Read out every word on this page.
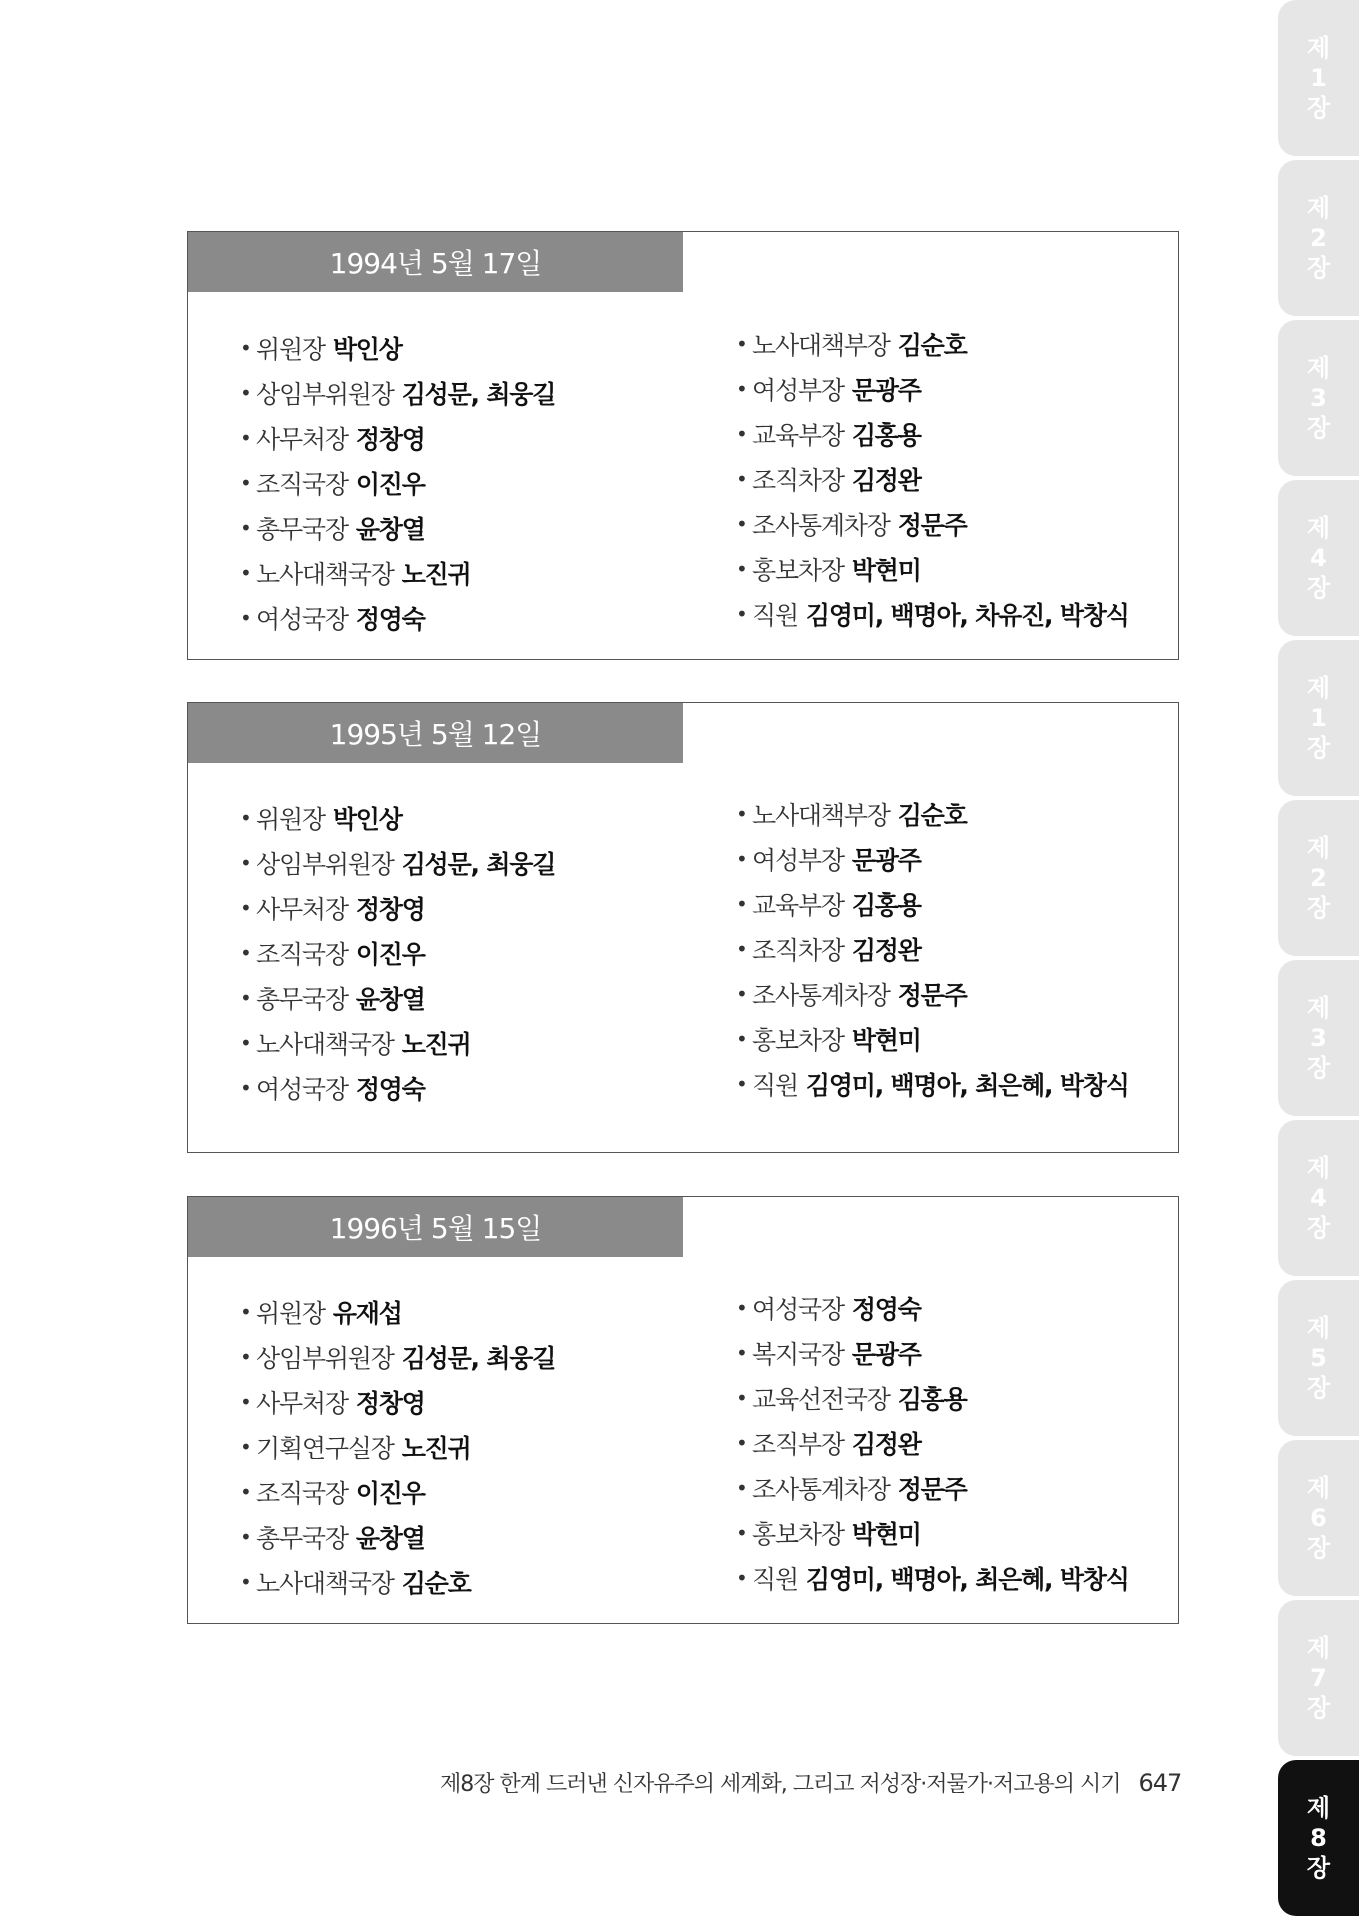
1994년 5월 17일
• 위원장 박인상
• 상임부위원장 김성문, 최웅길
• 사무처장 정창영
• 조직국장 이진우
• 총무국장 윤창열
• 노사대책국장 노진귀
• 여성국장 정영숙
• 노사대책부장 김순호
• 여성부장 문광주
• 교육부장 김홍용
• 조직차장 김정완
• 조사통계차장 정문주
• 홍보차장 박현미
• 직원 김영미, 백명아, 차유진, 박창식
1995년 5월 12일
• 위원장 박인상
• 상임부위원장 김성문, 최웅길
• 사무처장 정창영
• 조직국장 이진우
• 총무국장 윤창열
• 노사대책국장 노진귀
• 여성국장 정영숙
• 노사대책부장 김순호
• 여성부장 문광주
• 교육부장 김홍용
• 조직차장 김정완
• 조사통계차장 정문주
• 홍보차장 박현미
• 직원 김영미, 백명아, 최은혜, 박창식
1996년 5월 15일
• 위원장 유재섭
• 상임부위원장 김성문, 최웅길
• 사무처장 정창영
• 기획연구실장 노진귀
• 조직국장 이진우
• 총무국장 윤창열
• 노사대책국장 김순호
• 여성국장 정영숙
• 복지국장 문광주
• 교육선전국장 김홍용
• 조직부장 김정완
• 조사통계차장 정문주
• 홍보차장 박현미
• 직원 김영미, 백명아, 최은혜, 박창식
제
1
장
제
2
장
제
3
장
제
4
장
제
1
장
제
2
장
제
3
장
제
4
장
제
5
장
제
6
장
제
7
장
제
8
장
제8장 한계 드러낸 신자유주의 세계화, 그리고 저성장·저물가·저고용의 시기 647
